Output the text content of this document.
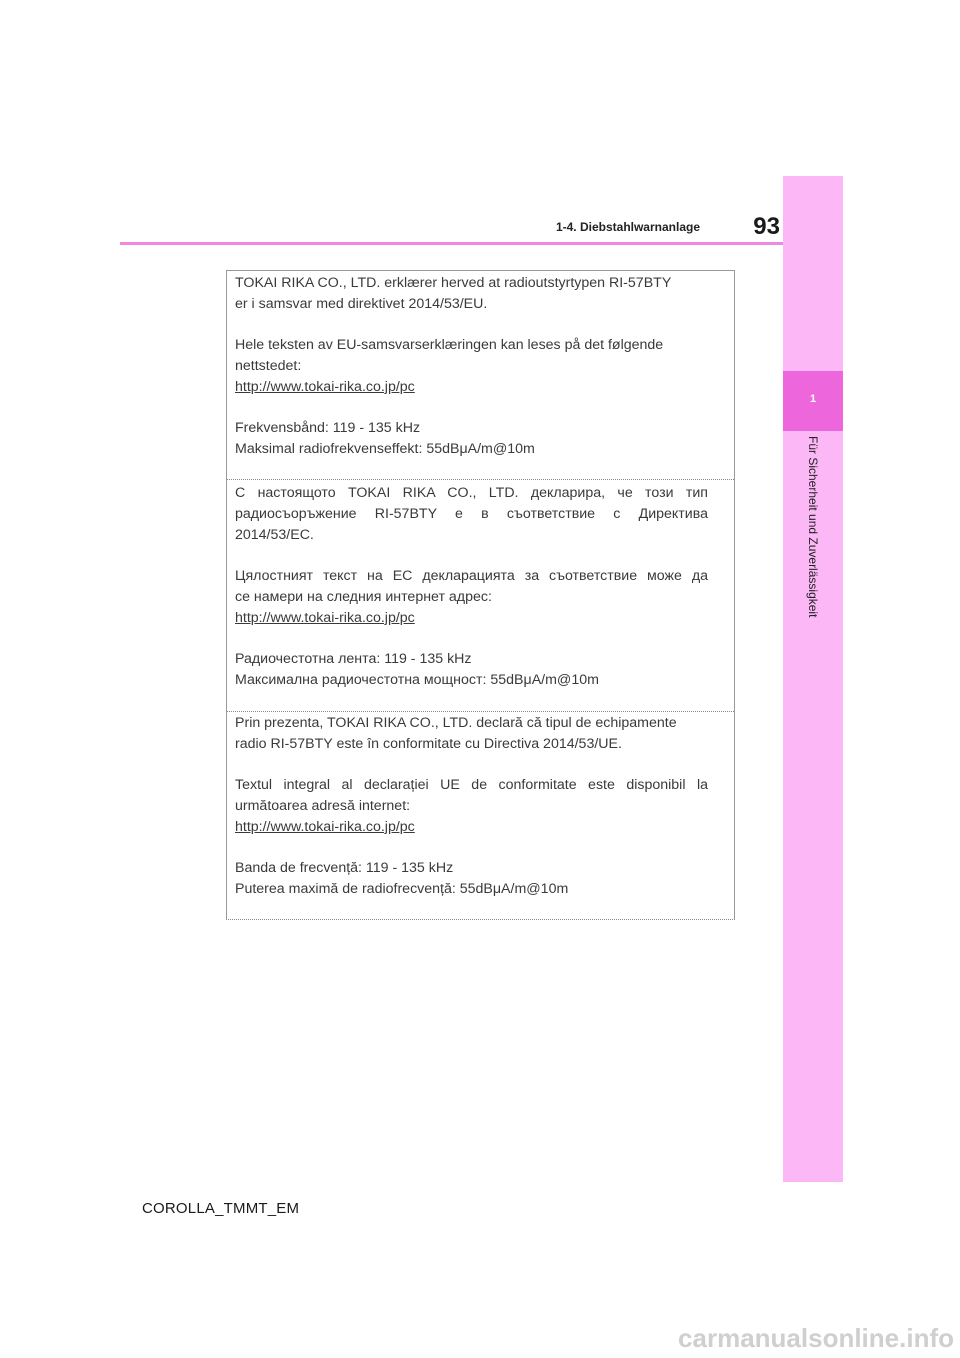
93
1-4. Diebstahlwarnanlage
1
Für Sicherheit und Zuverlässigkeit

TOKAI RIKA CO., LTD. erklærer herved at radioutstyrtypen RI-57BTY

er i samsvar med direktivet 2014/53/EU.

Hele teksten av EU-samsvarserklæringen kan leses på det følgende

nettstedet:

http://www.tokai-rika.co.jp/pc

Frekvensbånd: 119 - 135 kHz

Maksimal radiofrekvenseffekt: 55dBμA/m@10m

С настоящото TOKAI RIKA CO., LTD. декларира, че този тип

радиосъоръжение RI-57BTY е в съответствие с Директива

2014/53/ЕС.

Цялостният текст на ЕС декларацията за съответствие може да

се намери на следния интернет адрес:

http://www.tokai-rika.co.jp/pc

Радиочестотна лента: 119 - 135 kHz

Максимална радиочестотна мощност: 55dBμA/m@10m

Prin prezenta, TOKAI RIKA CO., LTD. declară că tipul de echipamente

radio RI-57BTY este în conformitate cu Directiva 2014/53/UE.

Textul integral al declarației UE de conformitate este disponibil la

următoarea adresă internet:

http://www.tokai-rika.co.jp/pc

Banda de frecvență: 119 - 135 kHz

Puterea maximă de radiofrecvență: 55dBμA/m@10m

COROLLA_TMMT_EM
carmanualsonline.info
